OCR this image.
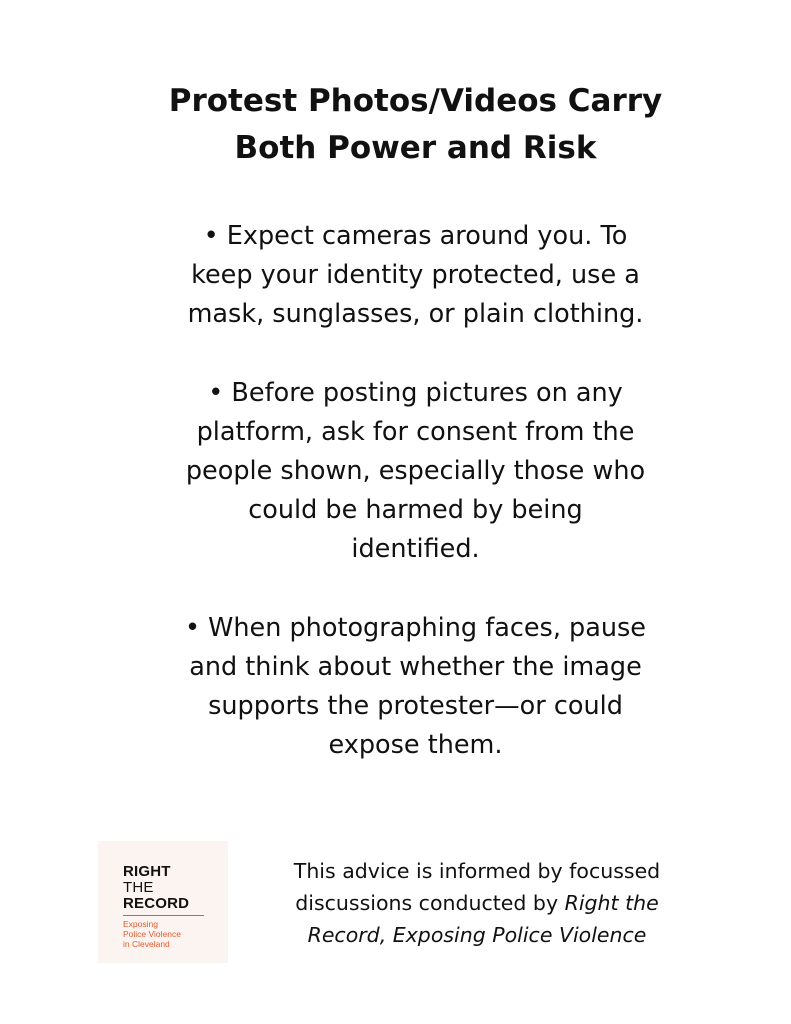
Protest Photos/Videos Carry
Both Power and Risk

• Expect cameras around you. To
keep your identity protected, use a
mask, sunglasses, or plain clothing.

• Before posting pictures on any
platform, ask for consent from the
people shown, especially those who
could be harmed by being
identified.

• When photographing faces, pause
and think about whether the image
supports the protester—or could
expose them.

RIGHT
THE
RECORD
Exposing
Police Violence
in Cleveland
This advice is informed by focussed
discussions conducted by Right the
Record, Exposing Police Violence
